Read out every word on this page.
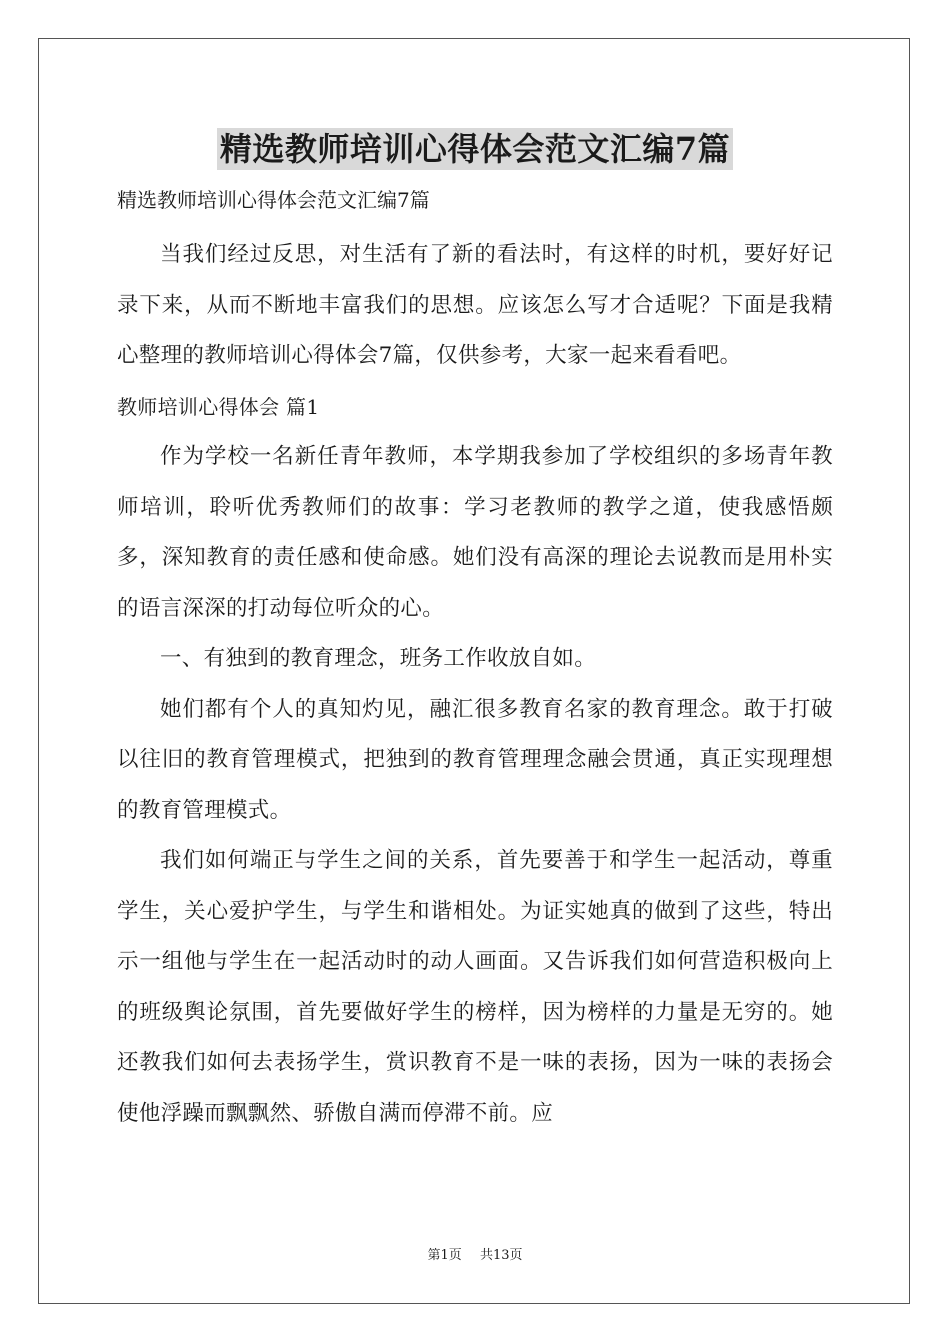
精选教师培训心得体会范文汇编7篇
精选教师培训心得体会范文汇编7篇

当我们经过反思，对生活有了新的看法时，有这样的时机，要好好记录下来，从而不断地丰富我们的思想。应该怎么写才合适呢？下面是我精心整理的教师培训心得体会7篇，仅供参考，大家一起来看看吧。

教师培训心得体会 篇1

作为学校一名新任青年教师，本学期我参加了学校组织的多场青年教师培训，聆听优秀教师们的故事：学习老教师的教学之道，使我感悟颇多，深知教育的责任感和使命感。她们没有高深的理论去说教而是用朴实的语言深深的打动每位听众的心。

一、有独到的教育理念，班务工作收放自如。

她们都有个人的真知灼见，融汇很多教育名家的教育理念。敢于打破以往旧的教育管理模式，把独到的教育管理理念融会贯通，真正实现理想的教育管理模式。

我们如何端正与学生之间的关系，首先要善于和学生一起活动，尊重学生，关心爱护学生，与学生和谐相处。为证实她真的做到了这些，特出示一组他与学生在一起活动时的动人画面。又告诉我们如何营造积极向上的班级舆论氛围，首先要做好学生的榜样，因为榜样的力量是无穷的。她还教我们如何去表扬学生，赏识教育不是一味的表扬，因为一味的表扬会使他浮躁而飘飘然、骄傲自满而停滞不前。应

第1页 共13页
